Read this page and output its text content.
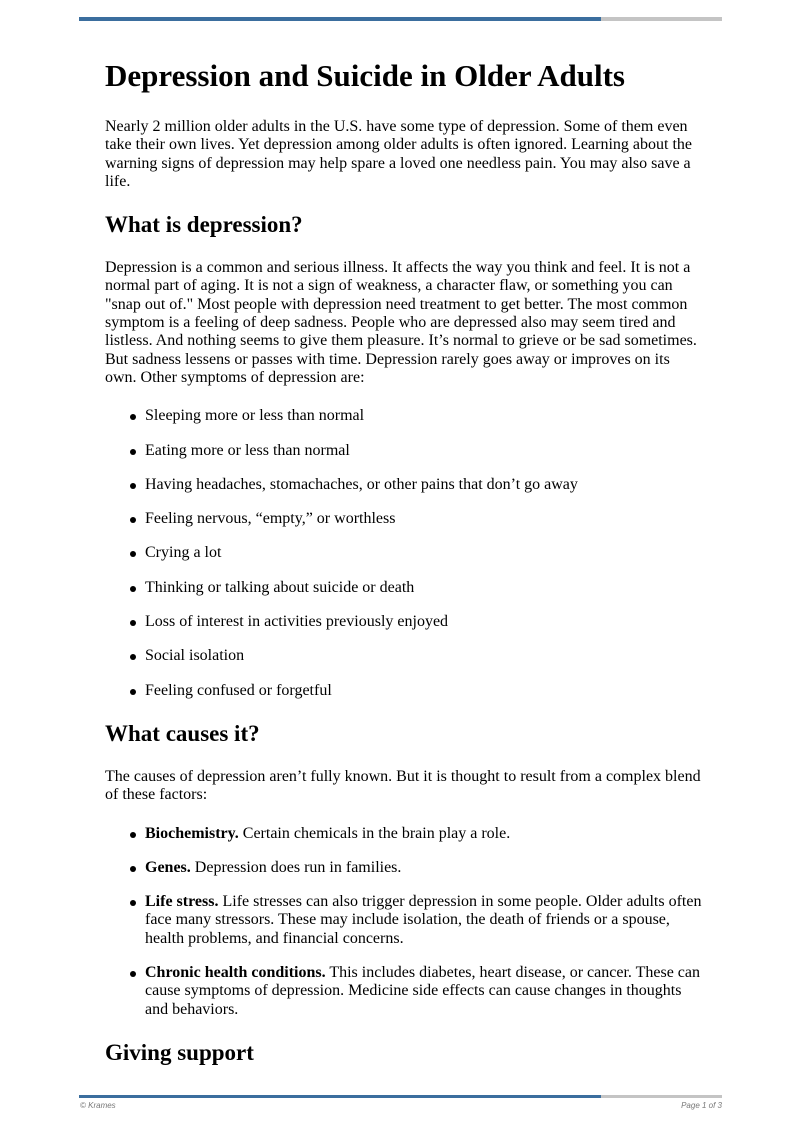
Depression and Suicide in Older Adults

Nearly 2 million older adults in the U.S. have some type of depression. Some of them even take their own lives. Yet depression among older adults is often ignored. Learning about the warning signs of depression may help spare a loved one needless pain. You may also save a life.

What is depression?

Depression is a common and serious illness. It affects the way you think and feel. It is not a normal part of aging. It is not a sign of weakness, a character flaw, or something you can "snap out of." Most people with depression need treatment to get better. The most common symptom is a feeling of deep sadness. People who are depressed also may seem tired and listless. And nothing seems to give them pleasure. It’s normal to grieve or be sad sometimes. But sadness lessens or passes with time. Depression rarely goes away or improves on its own. Other symptoms of depression are:

Sleeping more or less than normal
Eating more or less than normal
Having headaches, stomachaches, or other pains that don’t go away
Feeling nervous, “empty,” or worthless
Crying a lot
Thinking or talking about suicide or death
Loss of interest in activities previously enjoyed
Social isolation
Feeling confused or forgetful
What causes it?

The causes of depression aren’t fully known. But it is thought to result from a complex blend of these factors:

Biochemistry. Certain chemicals in the brain play a role.
Genes. Depression does run in families.
Life stress. Life stresses can also trigger depression in some people. Older adults often face many stressors. These may include isolation, the death of friends or a spouse, health problems, and financial concerns.
Chronic health conditions. This includes diabetes, heart disease, or cancer. These can cause symptoms of depression. Medicine side effects can cause changes in thoughts and behaviors.
Giving support
© Krames	Page 1 of 3
